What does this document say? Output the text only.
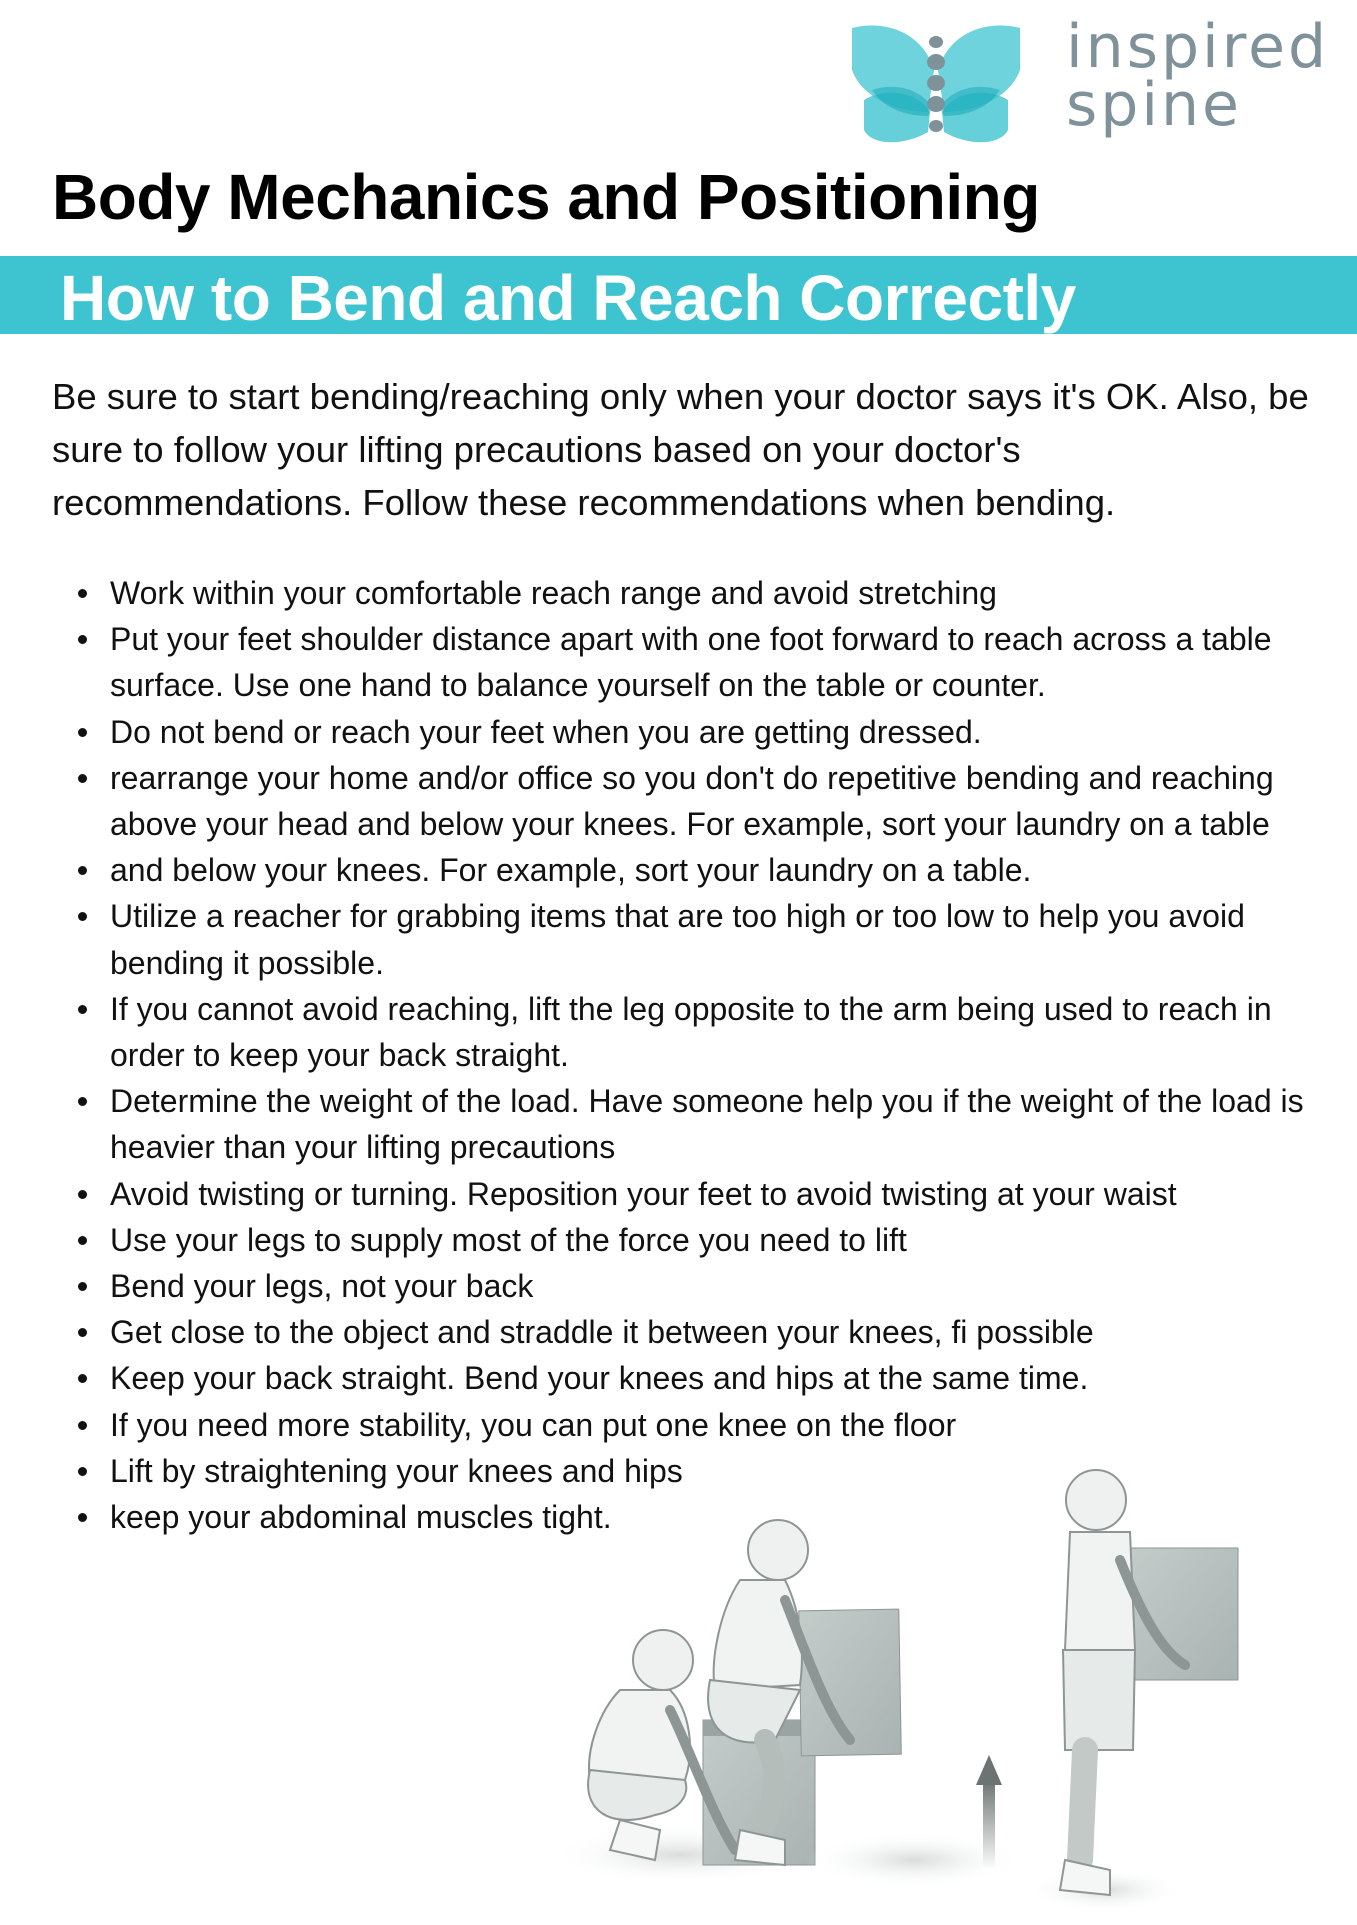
inspired
spine
Body Mechanics and Positioning
How to Bend and Reach Correctly

Be sure to start bending/reaching only when your doctor says it's OK. Also, be sure to follow your lifting precautions based on your doctor's recommendations. Follow these recommendations when bending.

Work within your comfortable reach range and avoid stretching
Put your feet shoulder distance apart with one foot forward to reach across a table surface. Use one hand to balance yourself on the table or counter.
Do not bend or reach your feet when you are getting dressed.
rearrange your home and/or office so you don't do repetitive bending and reaching above your head and below your knees. For example, sort your laundry on a table
and below your knees. For example, sort your laundry on a table.
Utilize a reacher for grabbing items that are too high or too low to help you avoid bending it possible.
If you cannot avoid reaching, lift the leg opposite to the arm being used to reach in order to keep your back straight.
Determine the weight of the load. Have someone help you if the weight of the load is heavier than your lifting precautions
Avoid twisting or turning. Reposition your feet to avoid twisting at your waist
Use your legs to supply most of the force you need to lift
Bend your legs, not your back
Get close to the object and straddle it between your knees, fi possible
Keep your back straight. Bend your knees and hips at the same time.
If you need more stability, you can put one knee on the floor
Lift by straightening your knees and hips
keep your abdominal muscles tight.
